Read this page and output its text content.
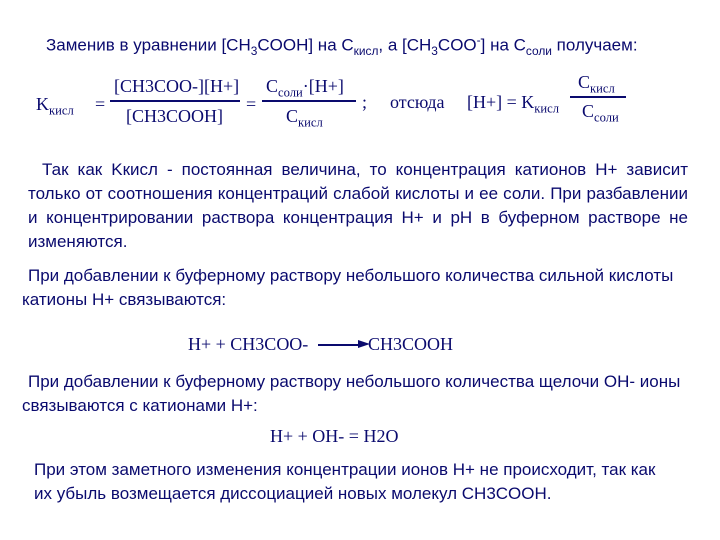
Заменив в уравнении $[CH_3COOH]$ на $C_{кисл}$, а $[CH_3COO^-]$ на $C_{соли}$ получаем:
$K_{кисл}$ =
[CH3COO-][H+]
[CH3COOH]
=
$C_{соли}\cdot[H+]$
$C_{кисл}$
; отсюда $[H+] = K_{кисл}$
$C_{кисл}$
$C_{соли}$
Так как Kкисл - постоянная величина, то концентрация катионов H+ зависит
только от соотношения концентраций слабой кислоты и ее соли. При разбавлении
и концентрировании раствора концентрация H+ и pH в буферном растворе не
изменяются.
При добавлении к буферному раствору небольшого количества сильной кислоты
катионы H+ связываются:
H+ + CH3COO-	CH3COOH
При добавлении к буферному раствору небольшого количества щелочи OH- ионы
связываются с катионами H+:
H+ + OH- = H2O
При этом заметного изменения концентрации ионов H+ не происходит, так как
их убыль возмещается диссоциацией новых молекул CH3COOH.
